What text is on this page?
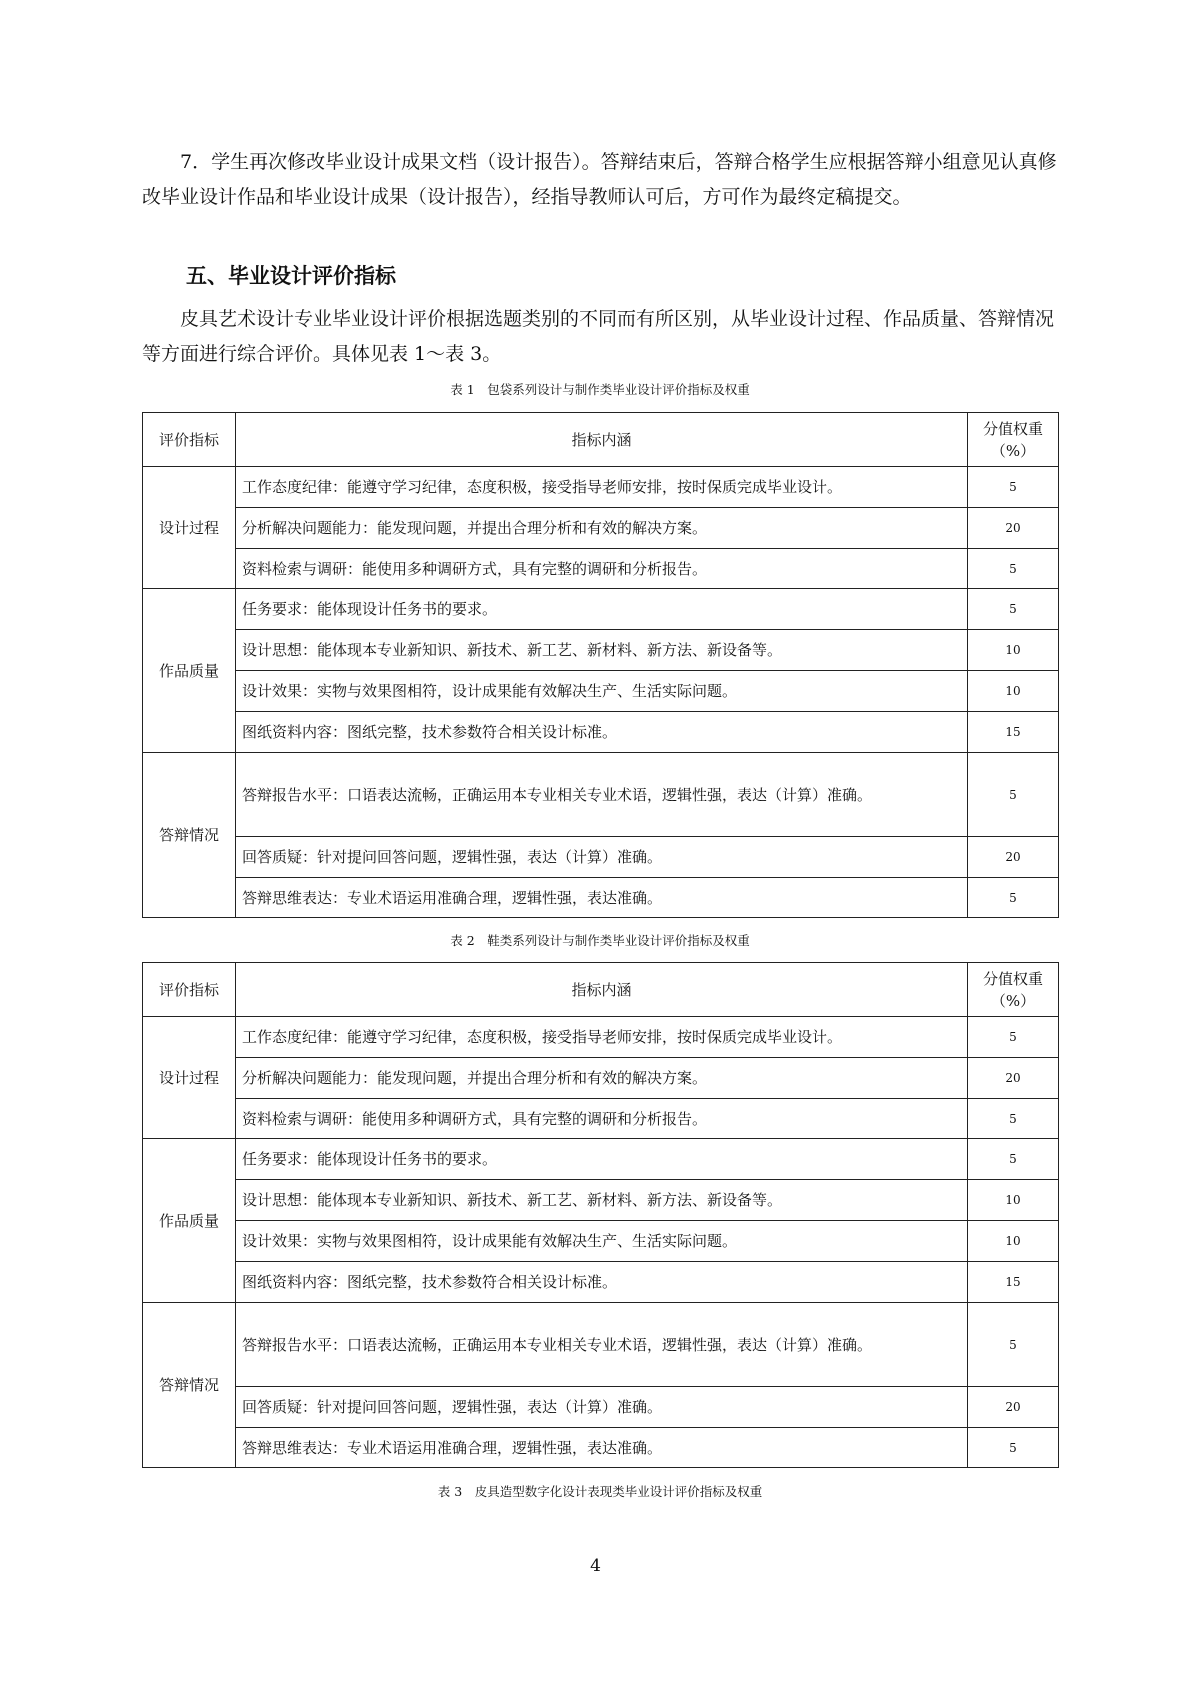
7．学生再次修改毕业设计成果文档（设计报告）。答辩结束后，答辩合格学生应根据答辩小组意见认真修改毕业设计作品和毕业设计成果（设计报告），经指导教师认可后，方可作为最终定稿提交。
五、毕业设计评价指标
皮具艺术设计专业毕业设计评价根据选题类别的不同而有所区别，从毕业设计过程、作品质量、答辩情况等方面进行综合评价。具体见表 1～表 3。
表 1　包袋系列设计与制作类毕业设计评价指标及权重
评价指标	指标内涵	分值权重（%）
设计过程	工作态度纪律：能遵守学习纪律，态度积极，接受指导老师安排，按时保质完成毕业设计。	5
	分析解决问题能力：能发现问题，并提出合理分析和有效的解决方案。	20
	资料检索与调研：能使用多种调研方式，具有完整的调研和分析报告。	5
作品质量	任务要求：能体现设计任务书的要求。	5
	设计思想：能体现本专业新知识、新技术、新工艺、新材料、新方法、新设备等。	10
	设计效果：实物与效果图相符，设计成果能有效解决生产、生活实际问题。	10
	图纸资料内容：图纸完整，技术参数符合相关设计标准。	15
答辩情况	答辩报告水平：口语表达流畅，正确运用本专业相关专业术语，逻辑性强，表达（计算）准确。	5
	回答质疑：针对提问回答问题，逻辑性强，表达（计算）准确。	20
	答辩思维表达：专业术语运用准确合理，逻辑性强，表达准确。	5
表 2　鞋类系列设计与制作类毕业设计评价指标及权重
评价指标	指标内涵	分值权重（%）
设计过程	工作态度纪律：能遵守学习纪律，态度积极，接受指导老师安排，按时保质完成毕业设计。	5
	分析解决问题能力：能发现问题，并提出合理分析和有效的解决方案。	20
	资料检索与调研：能使用多种调研方式，具有完整的调研和分析报告。	5
作品质量	任务要求：能体现设计任务书的要求。	5
	设计思想：能体现本专业新知识、新技术、新工艺、新材料、新方法、新设备等。	10
	设计效果：实物与效果图相符，设计成果能有效解决生产、生活实际问题。	10
	图纸资料内容：图纸完整，技术参数符合相关设计标准。	15
答辩情况	答辩报告水平：口语表达流畅，正确运用本专业相关专业术语，逻辑性强，表达（计算）准确。	5
	回答质疑：针对提问回答问题，逻辑性强，表达（计算）准确。	20
	答辩思维表达：专业术语运用准确合理，逻辑性强，表达准确。	5
表 3　皮具造型数字化设计表现类毕业设计评价指标及权重
4
